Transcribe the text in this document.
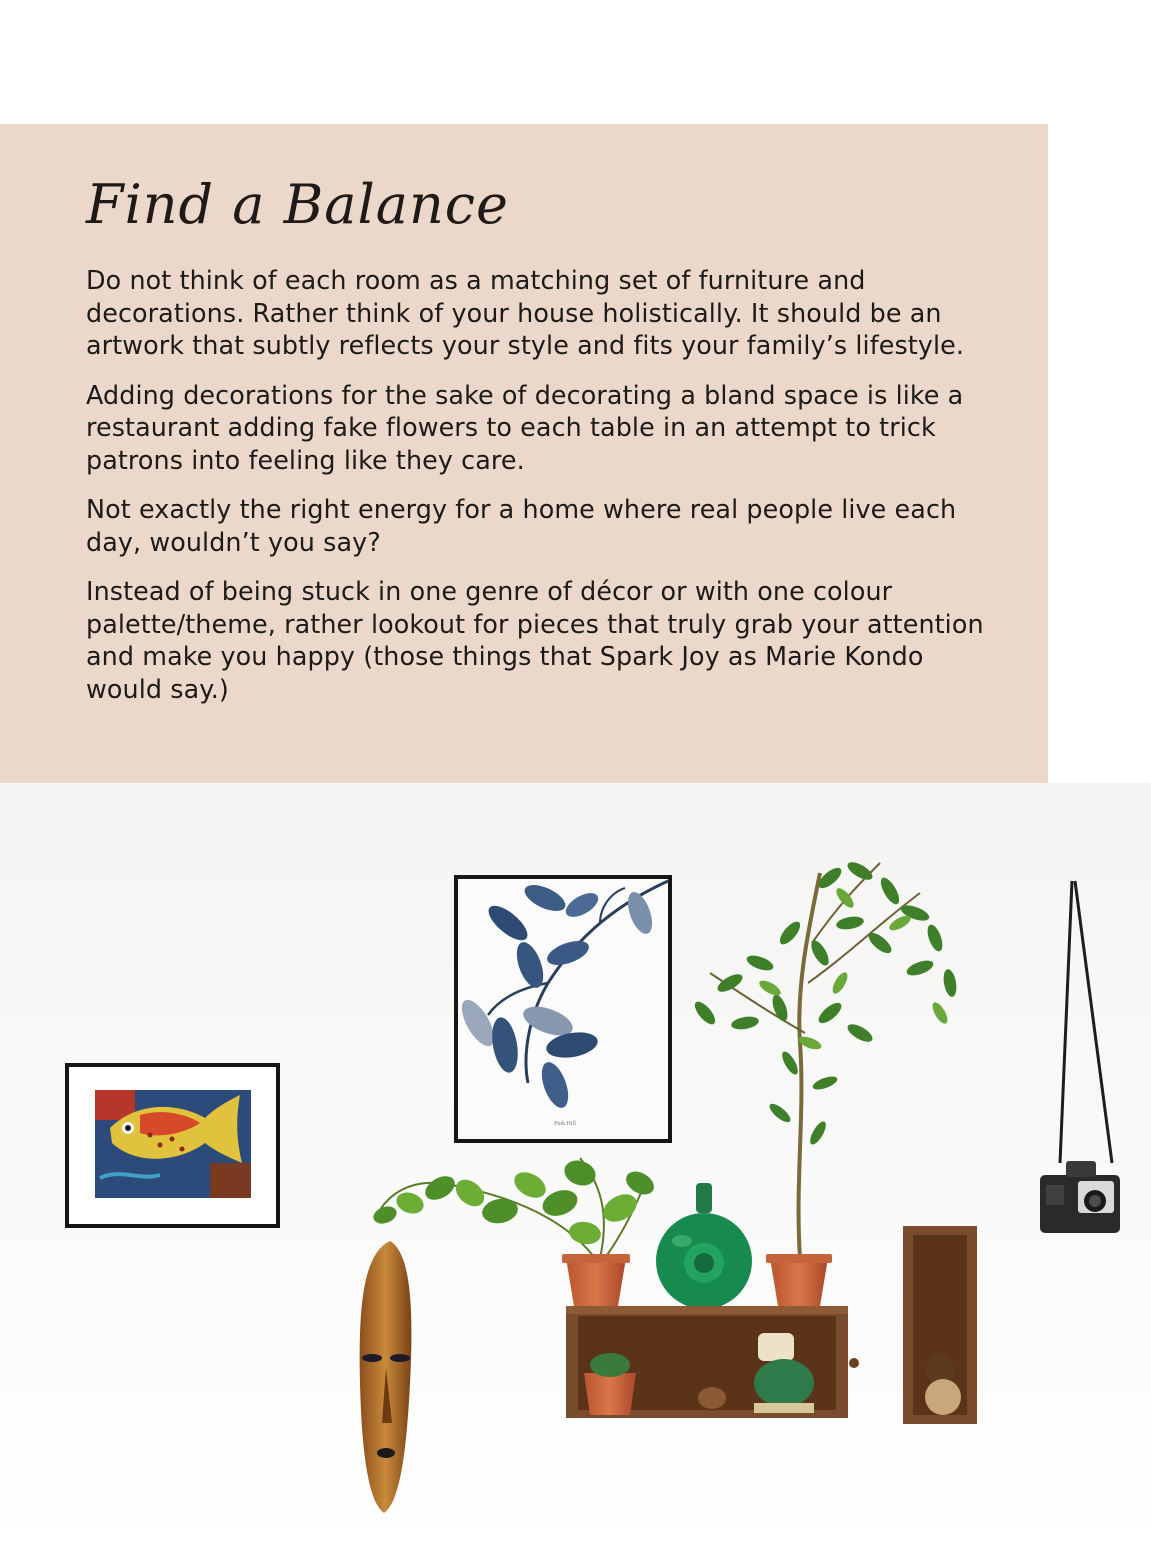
Find a Balance

Do not think of each room as a matching set of furniture and decorations. Rather think of your house holistically. It should be an artwork that subtly reflects your style and fits your family’s lifestyle.

Adding decorations for the sake of decorating a bland space is like a restaurant adding fake flowers to each table in an attempt to trick patrons into feeling like they care.

Not exactly the right energy for a home where real people live each day, wouldn’t you say?

Instead of being stuck in one genre of décor or with one colour palette/theme, rather lookout for pieces that truly grab your attention and make you happy (those things that Spark Joy as Marie Kondo would say.)

Pink Hill
